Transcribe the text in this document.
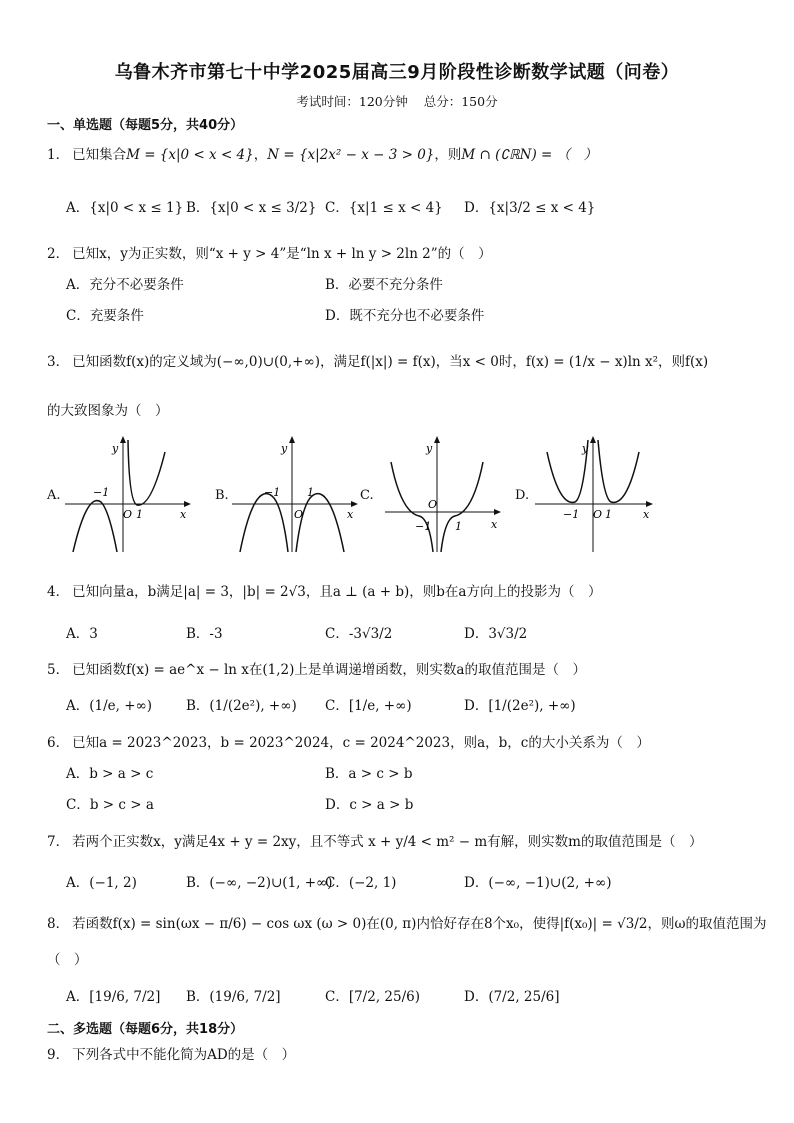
乌鲁木齐市第七十中学2025届高三9月阶段性诊断数学试题（问卷）
考试时间：120分钟 总分：150分
一、单选题（每题5分，共40分）
1． 已知集合M = {x|0 < x < 4}，N = {x|2x² − x − 3 > 0}，则M ∩ (∁ℝN) = （　）
A．{x|0 < x ≤ 1} B．{x|0 < x ≤ 3/2} C．{x|1 ≤ x < 4} D．{x|3/2 ≤ x < 4}
2． 已知x，y为正实数，则“x + y > 4”是“ln x + ln y > 2ln 2”的（　）
A．充分不必要条件	B．必要不充分条件
C．充要条件	D．既不充分也不必要条件
3． 已知函数f(x)的定义域为(−∞,0)∪(0,+∞)，满足f(|x|) = f(x)，当x < 0时，f(x) = (1/x − x)ln x²，则f(x)
的大致图象为（　）
A.
y
x
O 1
−1	B.
y
x
O
1
−1	C.
y
x
O
1
−1
D.
y
x
O 1
−1
4． 已知向量a，b满足|a| = 3，|b| = 2√3，且a ⊥ (a + b)，则b在a方向上的投影为（　）
A．3	B．-3	C．-3√3/2	D．3√3/2
5． 已知函数f(x) = ae^x − ln x在(1,2)上是单调递增函数，则实数a的取值范围是（　）
A．(1/e, +∞)	B．(1/(2e²), +∞) C．[1/e, +∞)	D．[1/(2e²), +∞)
6． 已知a = 2023^2023，b = 2023^2024，c = 2024^2023，则a，b，c的大小关系为（　）
A．b > a > c	B．a > c > b
C．b > c > a	D．c > a > b
7． 若两个正实数x，y满足4x + y = 2xy，且不等式 x + y/4 < m² − m有解，则实数m的取值范围是（　）
A．(−1, 2)	B．(−∞, −2)∪(1, +∞)
C．(−2, 1)	D．(−∞, −1)∪(2, +∞)
8． 若函数f(x) = sin(ωx − π/6) − cos ωx (ω > 0)在(0, π)内恰好存在8个x₀，使得|f(x₀)| = √3/2，则ω的取值范围为
（　）
A．[19/6, 7/2] B．(19/6, 7/2]	C．[7/2, 25/6)	D．(7/2, 25/6]
二、多选题（每题6分，共18分）
9． 下列各式中不能化简为AD的是（　）
